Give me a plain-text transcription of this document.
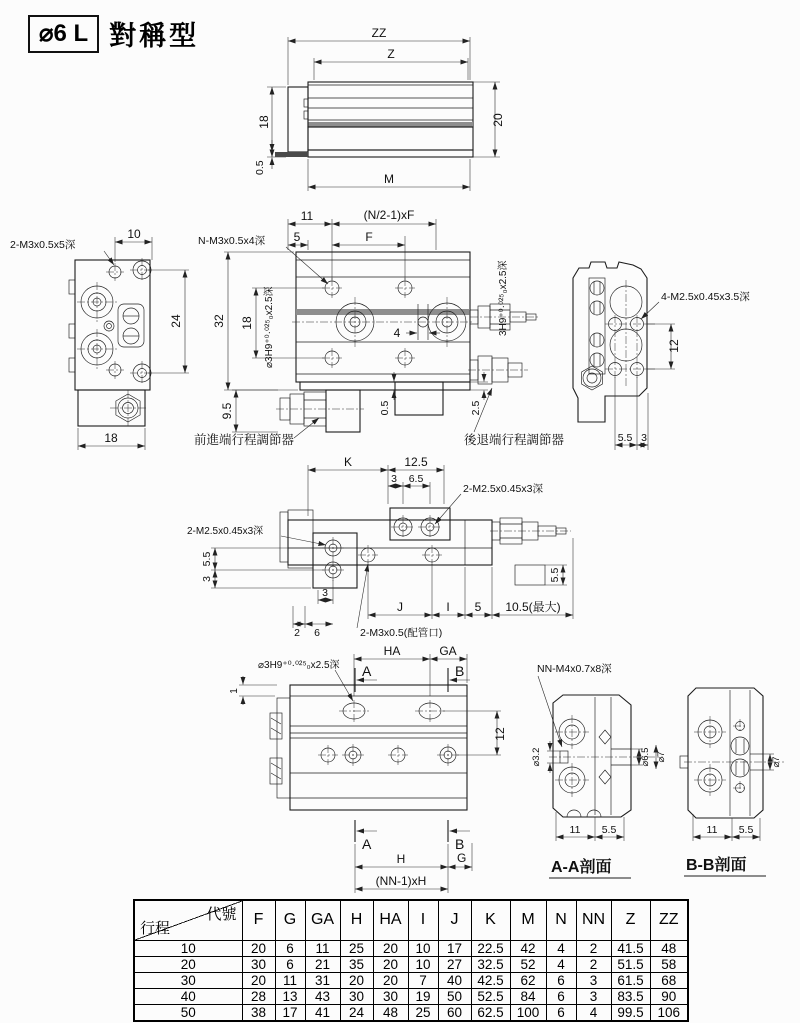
⌀6 L 對稱型	ZZ
Z
18
0.5
20
M
2-M3x0.5x5深
10
24
18
11	(N/2-1)xF
5	F
N-M3x0.5x4深
4
32 18 ⌀3H9⁺⁰·⁰²⁵₀x2.5深	3H9⁺⁰·⁰²⁵₀x2.5深
9.5	0.5	2.5
前進端行程調節器	後退端行程調節器
4-M2.5x0.45x3.5深
12
5.5 3
K	12.5
3 6.5
2-M2.5x0.45x3深
2-M2.5x0.45x3深
5.5
3
3
2 6
J	I 5 10.5(最大)
5.5
2-M3x0.5(配管口)
⌀3H9⁺⁰·⁰²⁵₀x2.5深
HA	GA
A	B
1
12
A	B
H	G
(NN-1)xH
NN-M4x0.7x8深
⌀3.2	⌀6.5 ⌀7
11 5.5
A-A剖面
⌀7
11 5.5
B-B剖面
代號
行程	F	G	GA	H	HA	I	J	K	M	N	NN	Z	ZZ
10	20	6	11	25	20	10	17	22.5	42	4	2	41.5	48
20	30	6	21	35	20	10	27	32.5	52	4	2	51.5	58
30	20	11	31	20	20	7	40	42.5	62	6	3	61.5	68
40	28	13	43	30	30	19	50	52.5	84	6	3	83.5	90
50	38	17	41	24	48	25	60	62.5	100	6	4	99.5	106
